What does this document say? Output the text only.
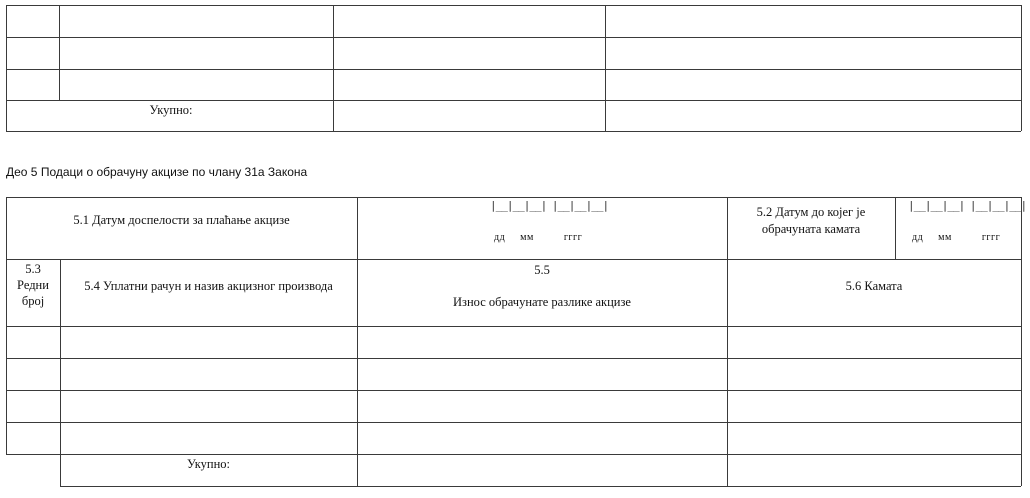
Укупно:
Део 5 Подаци о обрачуну акцизе по члану 31а Закона
5.1 Датум доспелости за плаћање акцизе
|__|__|__| |__|__|__|
дд     мм          гггг
5.2 Датум до којег је
обрачуната камата
|__|__|__| |__|__|__|
дд     мм          гггг
5.3
Редни
број
5.4 Уплатни рачун и назив акцизног производа
5.5
Износ обрачунате разлике акцизе
5.6 Камата
Укупно:
